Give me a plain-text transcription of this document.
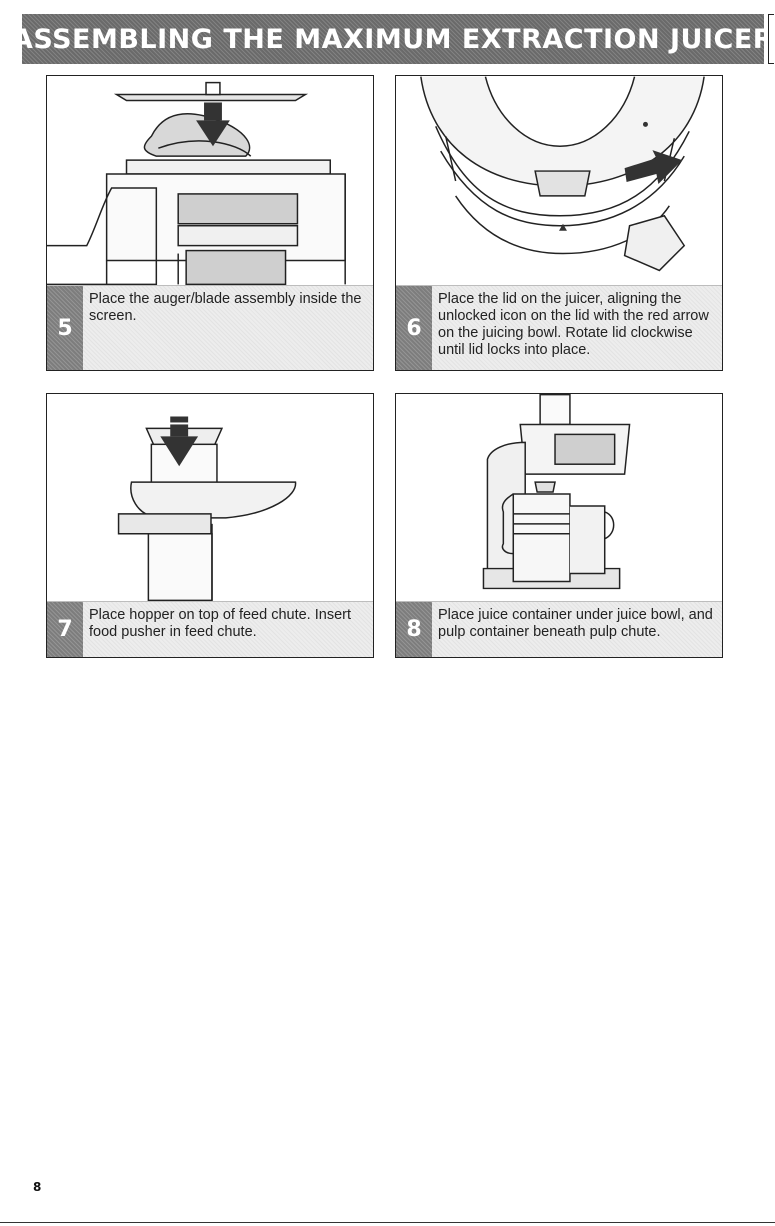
ASSEMBLING THE MAXIMUM EXTRACTION JUICER
5
Place the auger/blade assembly inside the screen.	6
Place the lid on the juicer, aligning the unlocked icon on the lid with the red arrow on the juicing bowl. Rotate lid clockwise until lid locks into place.
7
Place hopper on top of feed chute. Insert food pusher in feed chute.	8
Place juice container under juice bowl, and pulp container beneath pulp chute.
8
